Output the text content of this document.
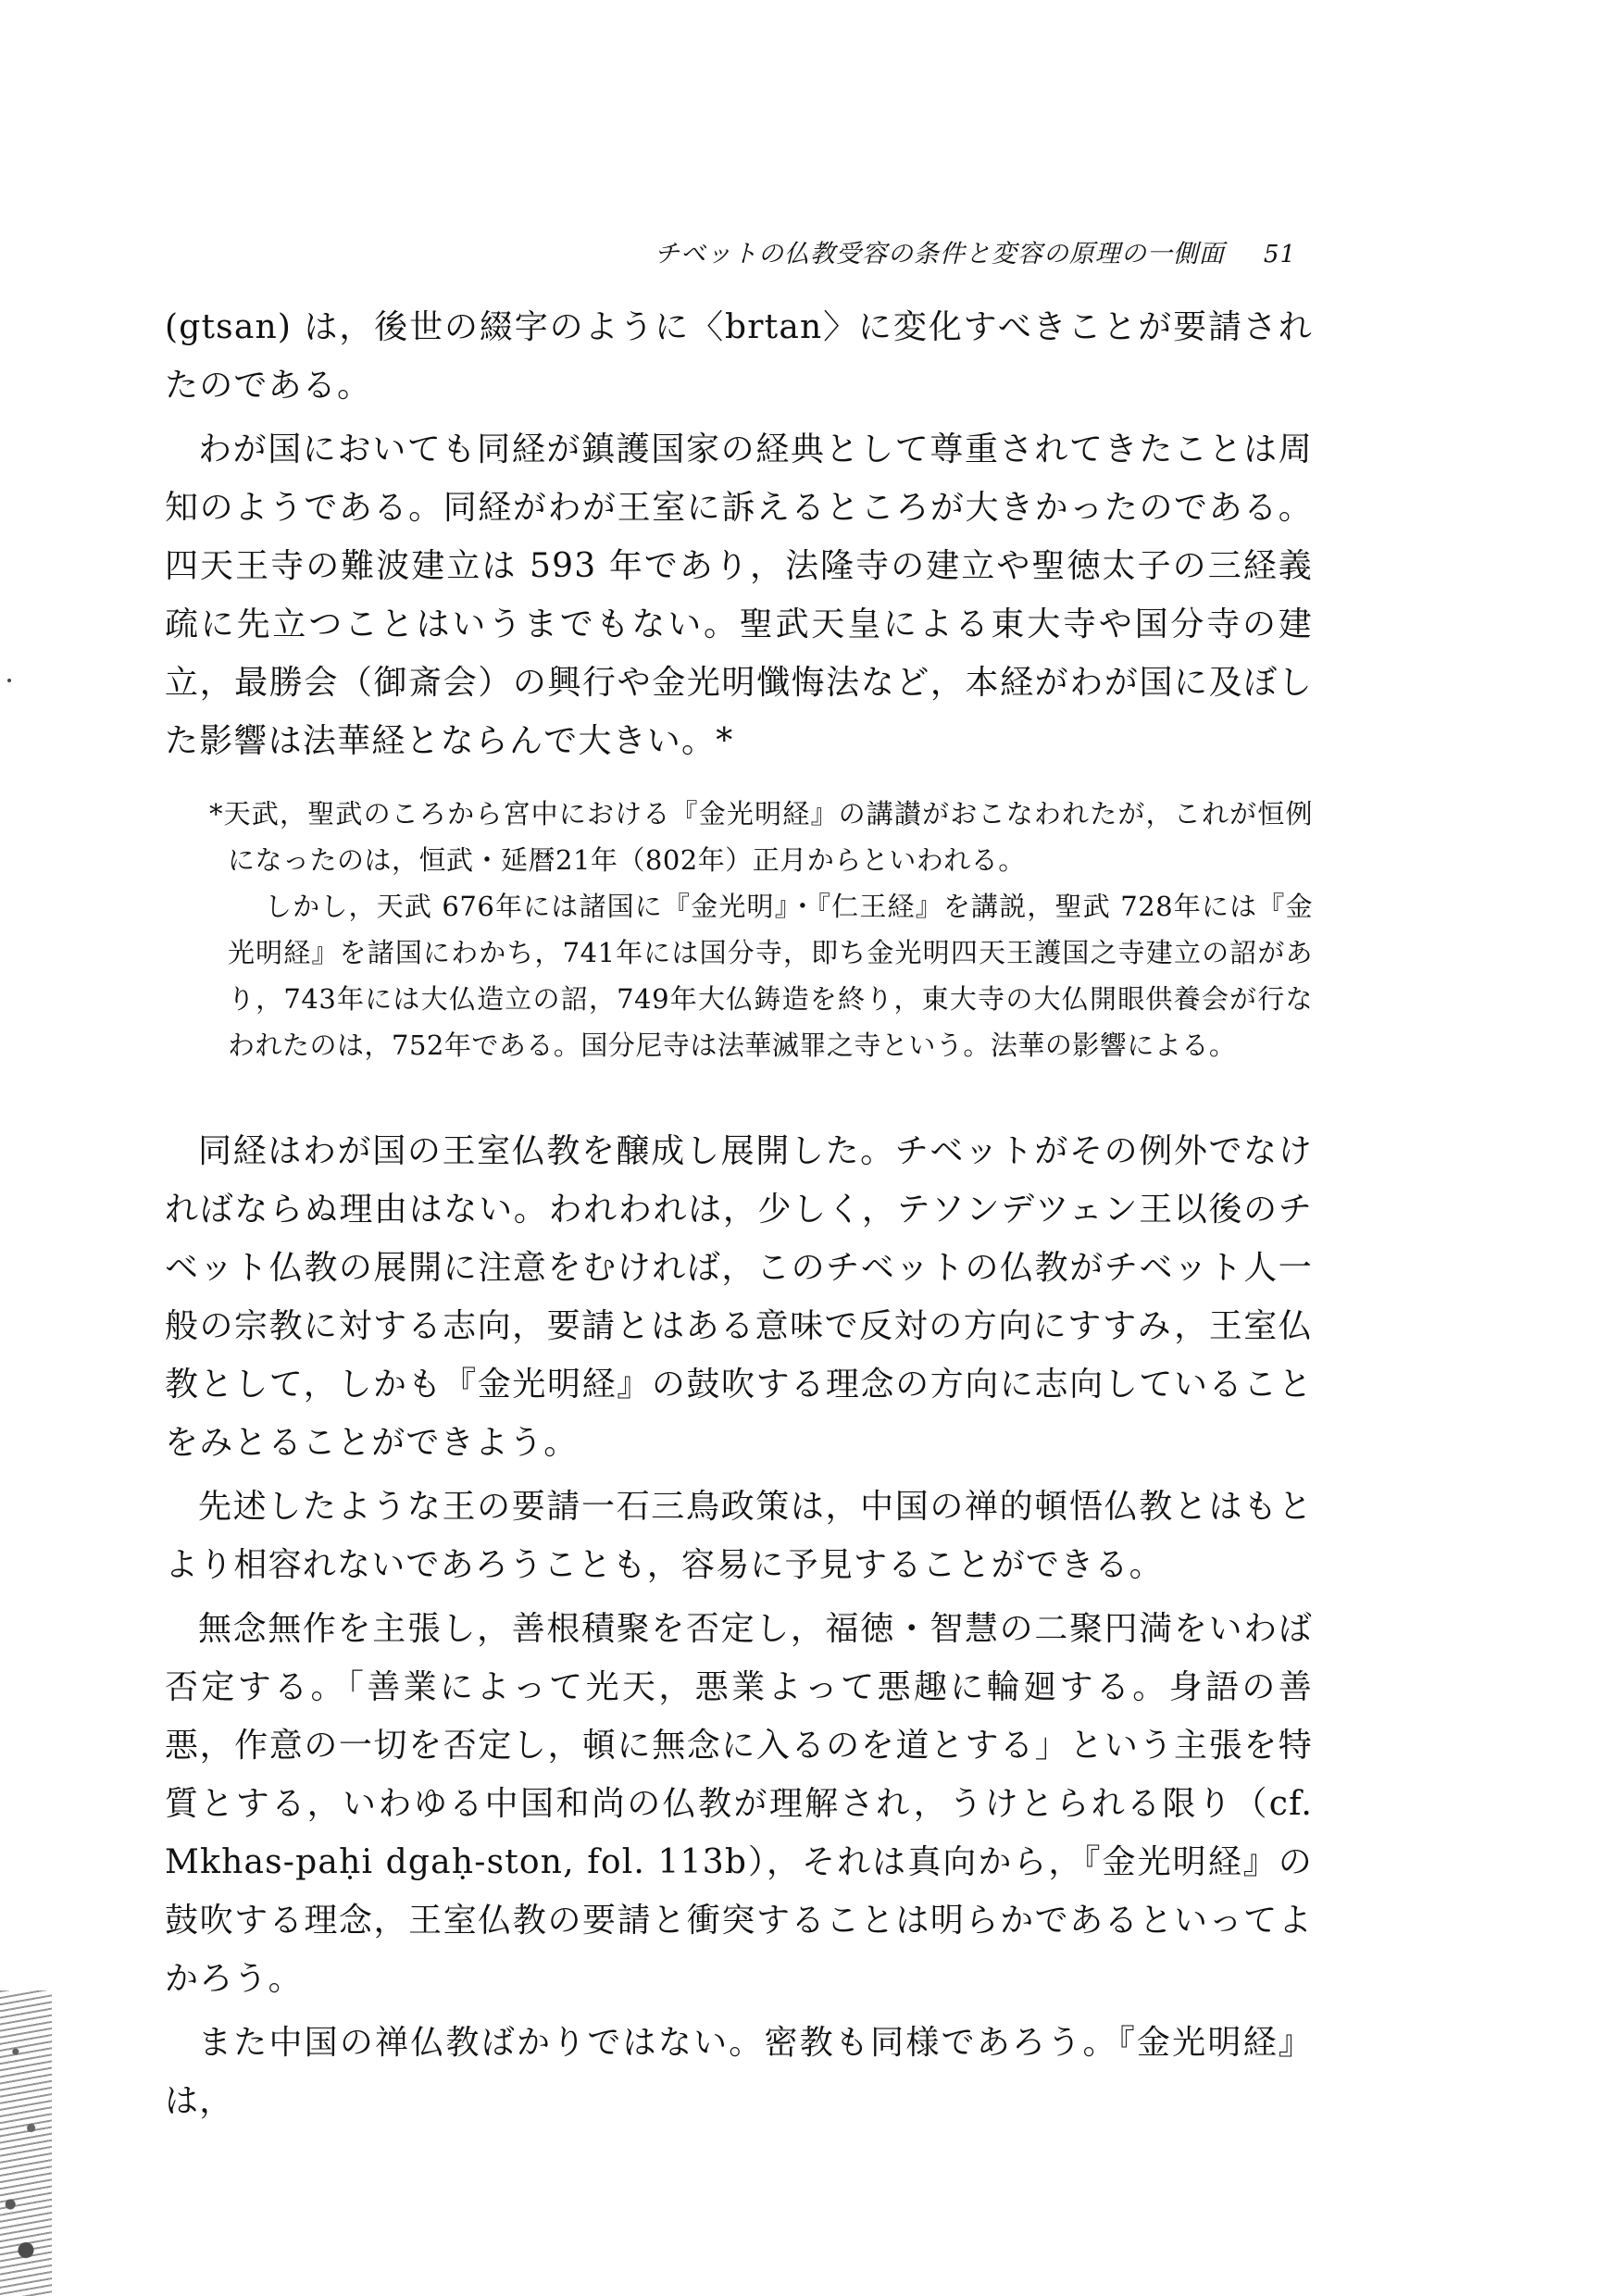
チベットの仏教受容の条件と変容の原理の一側面 51

(gtsan) は，後世の綴字のように〈brtan〉に変化すべきことが要請されたのである。

わが国においても同経が鎮護国家の経典として尊重されてきたことは周知のようである。同経がわが王室に訴えるところが大きかったのである。四天王寺の難波建立は 593 年であり，法隆寺の建立や聖徳太子の三経義疏に先立つことはいうまでもない。聖武天皇による東大寺や国分寺の建立，最勝会（御斎会）の興行や金光明懺悔法など，本経がわが国に及ぼした影響は法華経とならんで大きい。*

*天武，聖武のころから宮中における『金光明経』の講讃がおこなわれたが，これが恒例になったのは，恒武・延暦21年（802年）正月からといわれる。

しかし，天武 676年には諸国に『金光明』・『仁王経』を講説，聖武 728年には『金光明経』を諸国にわかち，741年には国分寺，即ち金光明四天王護国之寺建立の詔があり，743年には大仏造立の詔，749年大仏鋳造を終り，東大寺の大仏開眼供養会が行なわれたのは，752年である。国分尼寺は法華滅罪之寺という。法華の影響による。

同経はわが国の王室仏教を醸成し展開した。チベットがその例外でなければならぬ理由はない。われわれは，少しく，テソンデツェン王以後のチベット仏教の展開に注意をむければ，このチベットの仏教がチベット人一般の宗教に対する志向，要請とはある意味で反対の方向にすすみ，王室仏教として，しかも『金光明経』の鼓吹する理念の方向に志向していることをみとることができよう。

先述したような王の要請一石三鳥政策は，中国の禅的頓悟仏教とはもとより相容れないであろうことも，容易に予見することができる。

無念無作を主張し，善根積聚を否定し，福徳・智慧の二聚円満をいわば否定する。「善業によって光天，悪業よって悪趣に輪廻する。身語の善悪，作意の一切を否定し，頓に無念に入るのを道とする」という主張を特質とする，いわゆる中国和尚の仏教が理解され，うけとられる限り（cf. Mkhas-paḥi dgaḥ-ston, fol. 113b），それは真向から，『金光明経』の鼓吹する理念，王室仏教の要請と衝突することは明らかであるといってよかろう。

また中国の禅仏教ばかりではない。密教も同様であろう。『金光明経』は，
